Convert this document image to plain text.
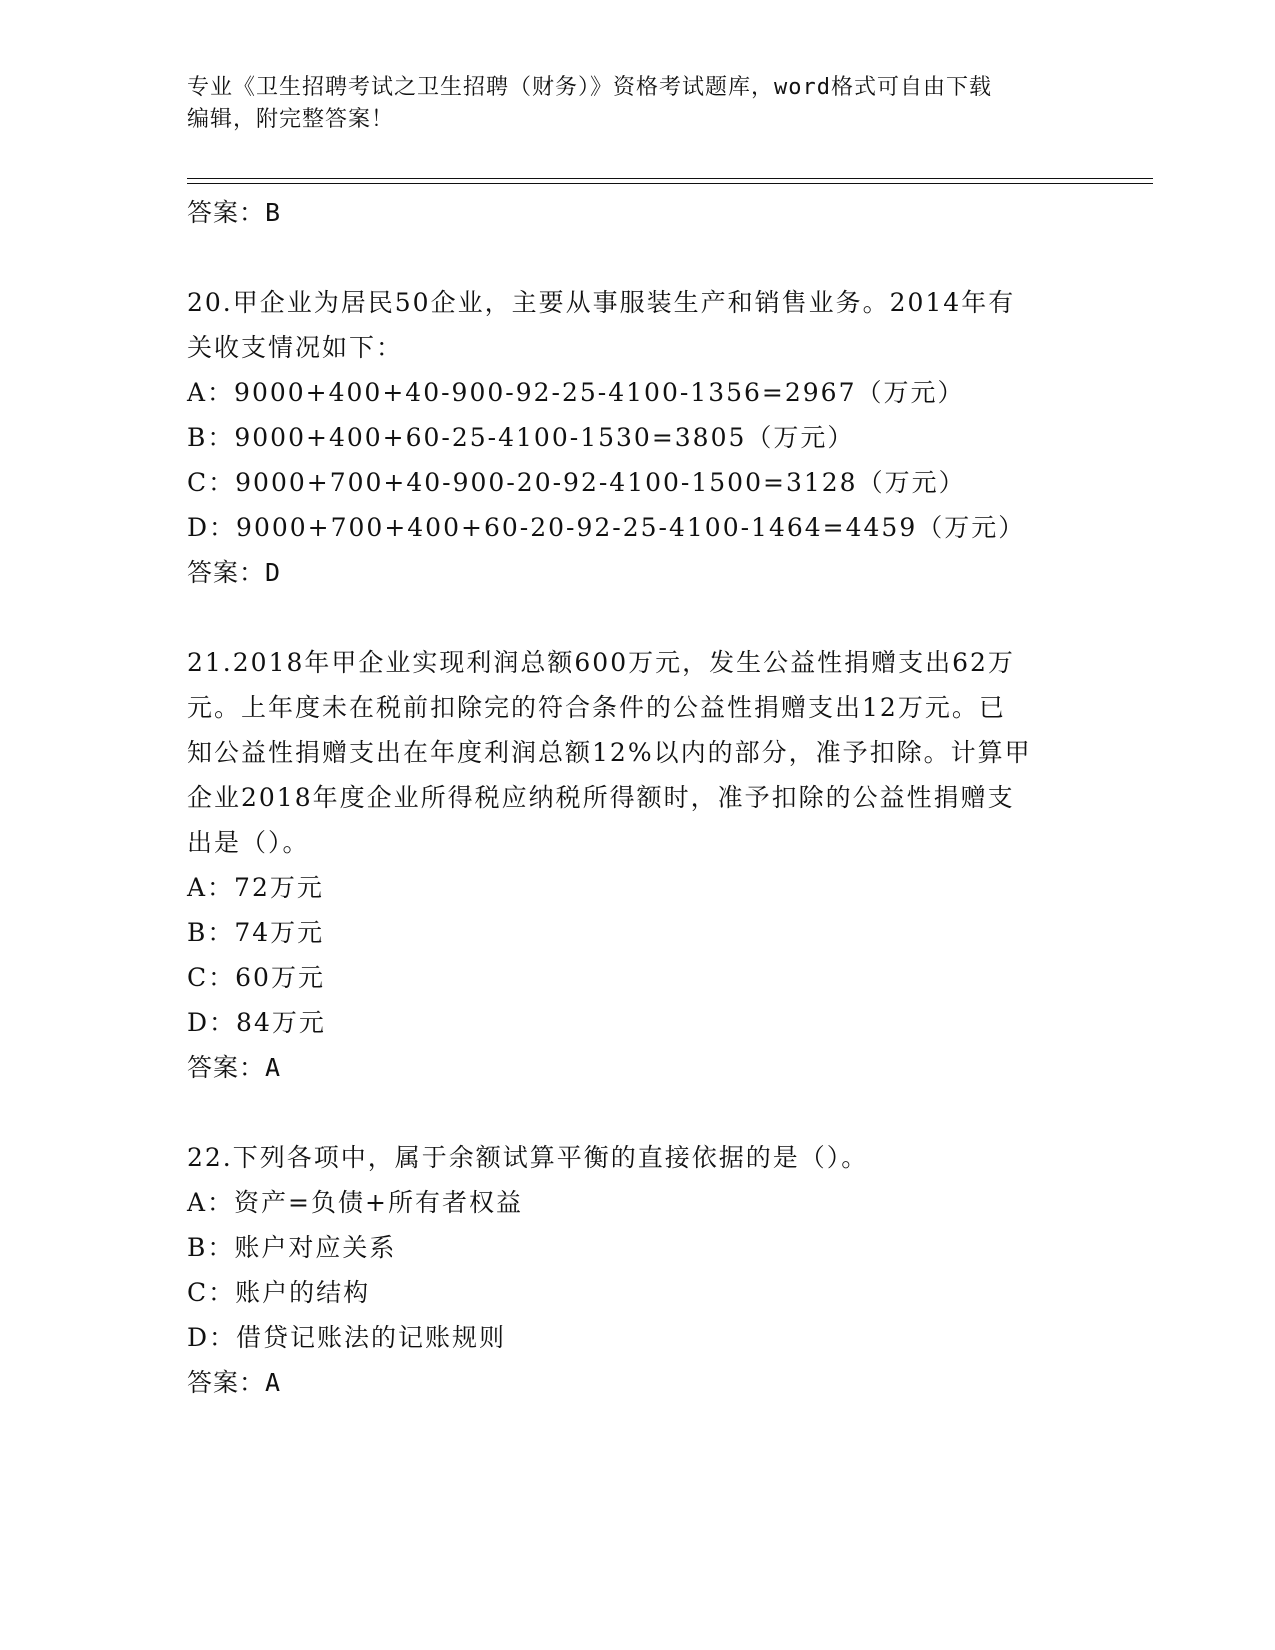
专业《卫生招聘考试之卫生招聘（财务）》资格考试题库，word格式可自由下载
编辑，附完整答案！
答案：B
20.甲企业为居民50企业，主要从事服装生产和销售业务。2014年有
关收支情况如下：
A：9000+400+40-900-92-25-4100-1356=2967（万元）
B：9000+400+60-25-4100-1530=3805（万元）
C：9000+700+40-900-20-92-4100-1500=3128（万元）
D：9000+700+400+60-20-92-25-4100-1464=4459（万元）
答案：D
21.2018年甲企业实现利润总额600万元，发生公益性捐赠支出62万
元。上年度未在税前扣除完的符合条件的公益性捐赠支出12万元。已
知公益性捐赠支出在年度利润总额12%以内的部分，准予扣除。计算甲
企业2018年度企业所得税应纳税所得额时，准予扣除的公益性捐赠支
出是（）。
A：72万元
B：74万元
C：60万元
D：84万元
答案：A
22.下列各项中，属于余额试算平衡的直接依据的是（）。
A：资产=负债+所有者权益
B：账户对应关系
C：账户的结构
D：借贷记账法的记账规则
答案：A
